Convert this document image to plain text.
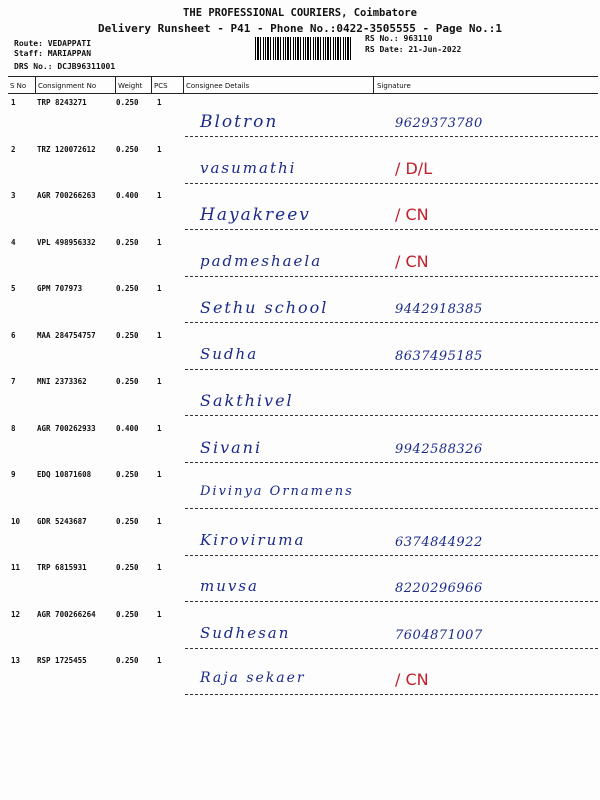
THE PROFESSIONAL COURIERS, Coimbatore
Delivery Runsheet - P41 - Phone No.:0422-3505555 - Page No.:1
Route: VEDAPPATI
Staff: MARIAPPAN
DRS No.: DCJB96311001
RS No.: 963110
RS Date: 21-Jun-2022
S No Consignment No	Weight PCS	Consignee Details	Signature
1	TRP 8243271	0.250 1
Blotron	9629373780
2	TRZ 120072612	0.250 1
vasumathi	/ D/L
3	AGR 700266263	0.400 1
Hayakreev	/ CN
4	VPL 498956332	0.250 1
padmeshaela	/ CN
5	GPM 707973	0.250 1
Sethu school	9442918385
6	MAA 284754757	0.250 1
Sudha	8637495185
7	MNI 2373362	0.250 1
Sakthivel
8	AGR 700262933	0.400 1
Sivani	9942588326
9	EDQ 10871608	0.250 1
Divinya Ornamens
10 GDR 5243687	0.250 1
Kiroviruma	6374844922
11 TRP 6815931	0.250 1
muvsa	8220296966
12 AGR 700266264	0.250 1
Sudhesan	7604871007
13 RSP 1725455	0.250 1
Raja sekaer	/ CN
